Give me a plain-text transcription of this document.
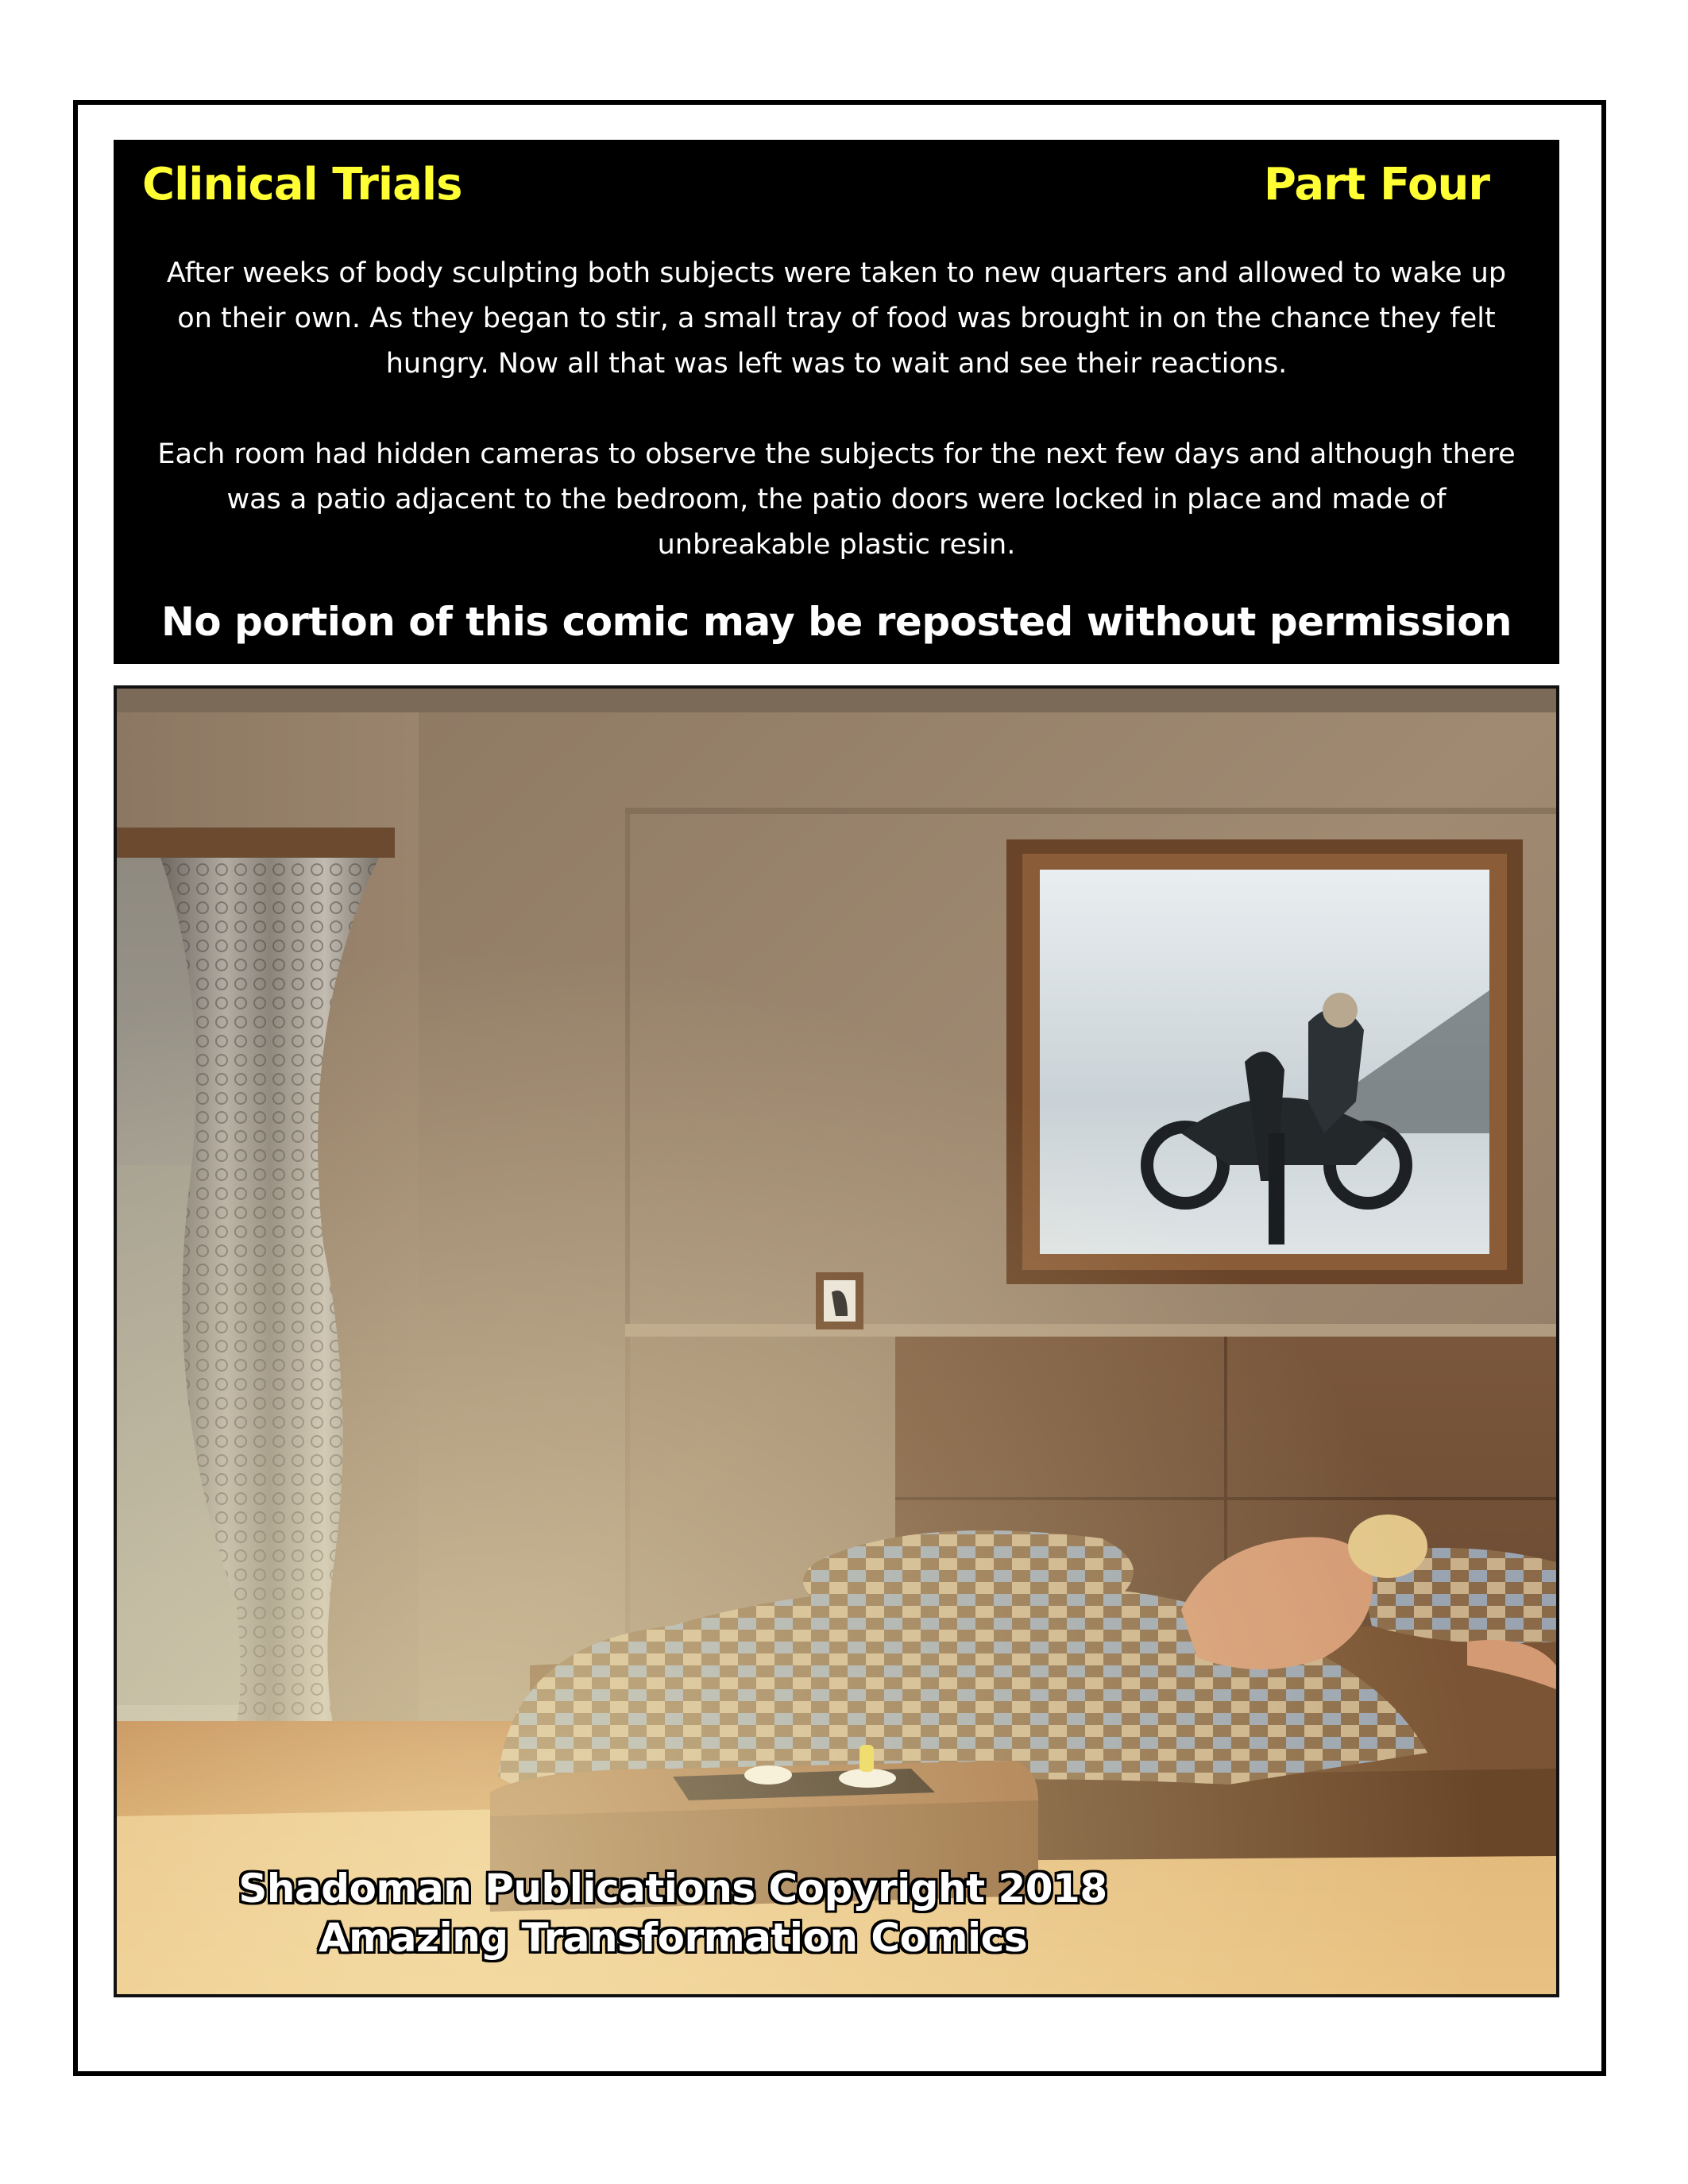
Clinical Trials	Part Four
After weeks of body sculpting both subjects were taken to new quarters and allowed to wake up on their own. As they began to stir, a small tray of food was brought in on the chance they felt hungry. Now all that was left was to wait and see their reactions.
Each room had hidden cameras to observe the subjects for the next few days and although there was a patio adjacent to the bedroom, the patio doors were locked in place and made of unbreakable plastic resin.
No portion of this comic may be reposted without permission
Shadoman Publications Copyright 2018
Amazing Transformation Comics
